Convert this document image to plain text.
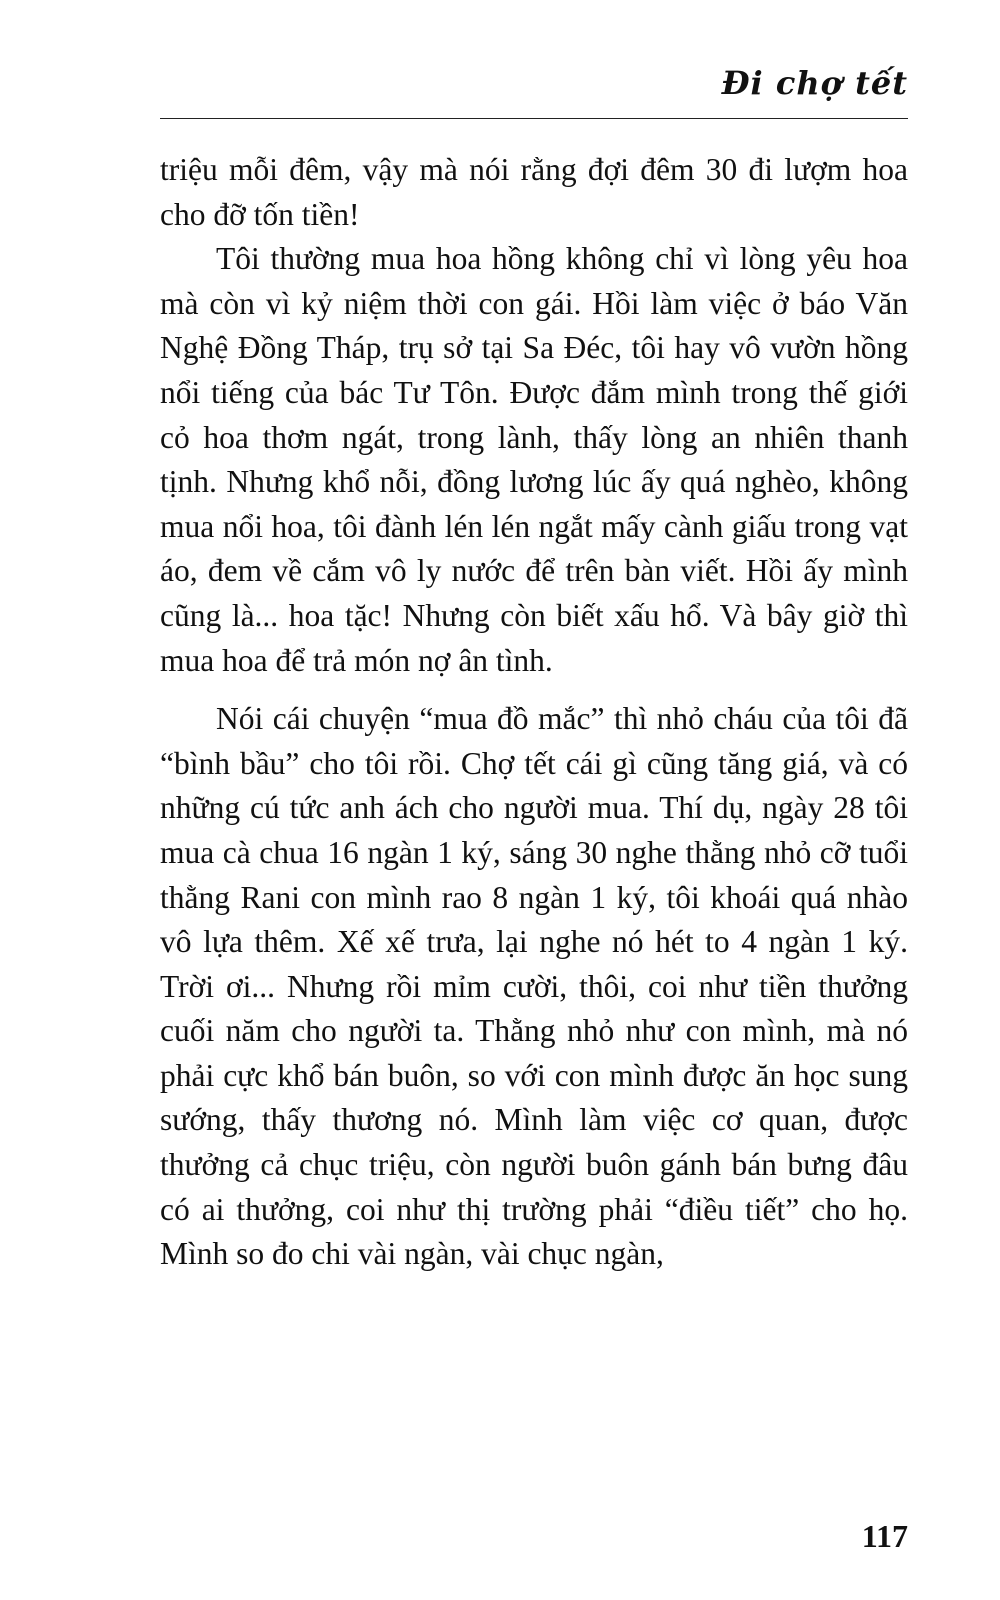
Đi chợ tết

triệu mỗi đêm, vậy mà nói rằng đợi đêm 30 đi lượm hoa cho đỡ tốn tiền!

Tôi thường mua hoa hồng không chỉ vì lòng yêu hoa mà còn vì kỷ niệm thời con gái. Hồi làm việc ở báo Văn Nghệ Đồng Tháp, trụ sở tại Sa Đéc, tôi hay vô vườn hồng nổi tiếng của bác Tư Tôn. Được đắm mình trong thế giới cỏ hoa thơm ngát, trong lành, thấy lòng an nhiên thanh tịnh. Nhưng khổ nỗi, đồng lương lúc ấy quá nghèo, không mua nổi hoa, tôi đành lén lén ngắt mấy cành giấu trong vạt áo, đem về cắm vô ly nước để trên bàn viết. Hồi ấy mình cũng là... hoa tặc! Nhưng còn biết xấu hổ. Và bây giờ thì mua hoa để trả món nợ ân tình.

Nói cái chuyện “mua đồ mắc” thì nhỏ cháu của tôi đã “bình bầu” cho tôi rồi. Chợ tết cái gì cũng tăng giá, và có những cú tức anh ách cho người mua. Thí dụ, ngày 28 tôi mua cà chua 16 ngàn 1 ký, sáng 30 nghe thằng nhỏ cỡ tuổi thằng Rani con mình rao 8 ngàn 1 ký, tôi khoái quá nhào vô lựa thêm. Xế xế trưa, lại nghe nó hét to 4 ngàn 1 ký. Trời ơi... Nhưng rồi mỉm cười, thôi, coi như tiền thưởng cuối năm cho người ta. Thằng nhỏ như con mình, mà nó phải cực khổ bán buôn, so với con mình được ăn học sung sướng, thấy thương nó. Mình làm việc cơ quan, được thưởng cả chục triệu, còn người buôn gánh bán bưng đâu có ai thưởng, coi như thị trường phải “điều tiết” cho họ. Mình so đo chi vài ngàn, vài chục ngàn,

117
